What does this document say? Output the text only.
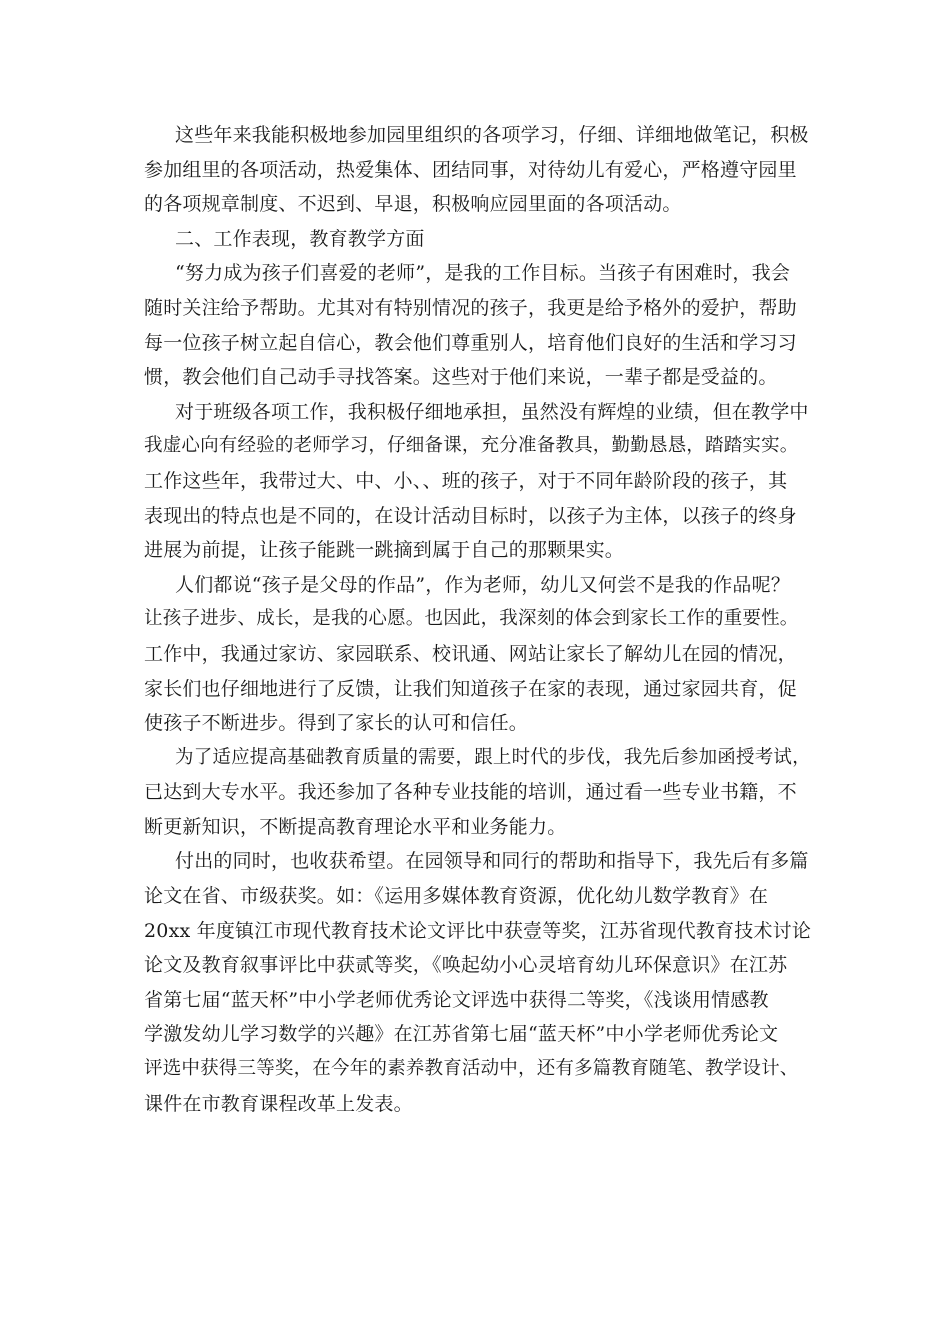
这些年来我能积极地参加园里组织的各项学习，仔细、详细地做笔记，积极
参加组里的各项活动，热爱集体、团结同事，对待幼儿有爱心，严格遵守园里
的各项规章制度、不迟到、早退，积极响应园里面的各项活动。
二、工作表现，教育教学方面
“努力成为孩子们喜爱的老师”，是我的工作目标。当孩子有困难时，我会
随时关注给予帮助。尤其对有特别情况的孩子，我更是给予格外的爱护，帮助
每一位孩子树立起自信心，教会他们尊重别人，培育他们良好的生活和学习习
惯，教会他们自己动手寻找答案。这些对于他们来说，一辈子都是受益的。
对于班级各项工作，我积极仔细地承担，虽然没有辉煌的业绩，但在教学中
我虚心向有经验的老师学习，仔细备课，充分准备教具，勤勤恳恳，踏踏实实。
工作这些年，我带过大、中、小、、班的孩子，对于不同年龄阶段的孩子，其
表现出的特点也是不同的，在设计活动目标时，以孩子为主体，以孩子的终身
进展为前提，让孩子能跳一跳摘到属于自己的那颗果实。
人们都说“孩子是父母的作品”，作为老师，幼儿又何尝不是我的作品呢？
让孩子进步、成长，是我的心愿。也因此，我深刻的体会到家长工作的重要性。
工作中，我通过家访、家园联系、校讯通、网站让家长了解幼儿在园的情况，
家长们也仔细地进行了反馈，让我们知道孩子在家的表现，通过家园共育，促
使孩子不断进步。得到了家长的认可和信任。
为了适应提高基础教育质量的需要，跟上时代的步伐，我先后参加函授考试，
已达到大专水平。我还参加了各种专业技能的培训，通过看一些专业书籍，不
断更新知识，不断提高教育理论水平和业务能力。
付出的同时，也收获希望。在园领导和同行的帮助和指导下，我先后有多篇
论文在省、市级获奖。如：《运用多媒体教育资源，优化幼儿数学教育》在
20xx 年度镇江市现代教育技术论文评比中获壹等奖，江苏省现代教育技术讨论
论文及教育叙事评比中获贰等奖，《唤起幼小心灵培育幼儿环保意识》在江苏
省第七届“蓝天杯”中小学老师优秀论文评选中获得二等奖，《浅谈用情感教
学激发幼儿学习数学的兴趣》在江苏省第七届“蓝天杯”中小学老师优秀论文
评选中获得三等奖，在今年的素养教育活动中，还有多篇教育随笔、教学设计、
课件在市教育课程改革上发表。
